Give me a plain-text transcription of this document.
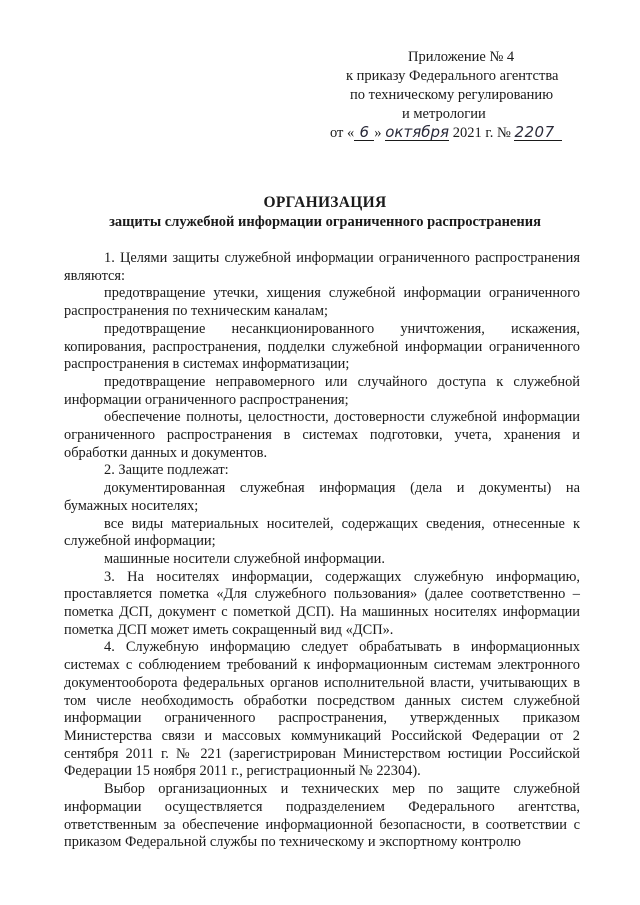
Приложение № 4
к приказу Федерального агентства
по техническому регулированию
и метрологии
от « 6 » октября 2021 г. № 2207
ОРГАНИЗАЦИЯ
защиты служебной информации ограниченного распространения

1. Целями защиты служебной информации ограниченного распространения являются:

предотвращение утечки, хищения служебной информации ограниченного распространения по техническим каналам;

предотвращение несанкционированного уничтожения, искажения, копирования, распространения, подделки служебной информации ограниченного распространения в системах информатизации;

предотвращение неправомерного или случайного доступа к служебной информации ограниченного распространения;

обеспечение полноты, целостности, достоверности служебной информации ограниченного распространения в системах подготовки, учета, хранения и обработки данных и документов.

2. Защите подлежат:

документированная служебная информация (дела и документы) на бумажных носителях;

все виды материальных носителей, содержащих сведения, отнесенные к служебной информации;

машинные носители служебной информации.

3. На носителях информации, содержащих служебную информацию, проставляется пометка «Для служебного пользования» (далее соответственно – пометка ДСП, документ с пометкой ДСП). На машинных носителях информации пометка ДСП может иметь сокращенный вид «ДСП».

4. Служебную информацию следует обрабатывать в информационных системах с соблюдением требований к информационным системам электронного документооборота федеральных органов исполнительной власти, учитывающих в том числе необходимость обработки посредством данных систем служебной информации ограниченного распространения, утвержденных приказом Министерства связи и массовых коммуникаций Российской Федерации от 2 сентября 2011 г. № 221 (зарегистрирован Министерством юстиции Российской Федерации 15 ноября 2011 г., регистрационный № 22304).

Выбор организационных и технических мер по защите служебной информации осуществляется подразделением Федерального агентства, ответственным за обеспечение информационной безопасности, в соответствии с приказом Федеральной службы по техническому и экспортному контролю
